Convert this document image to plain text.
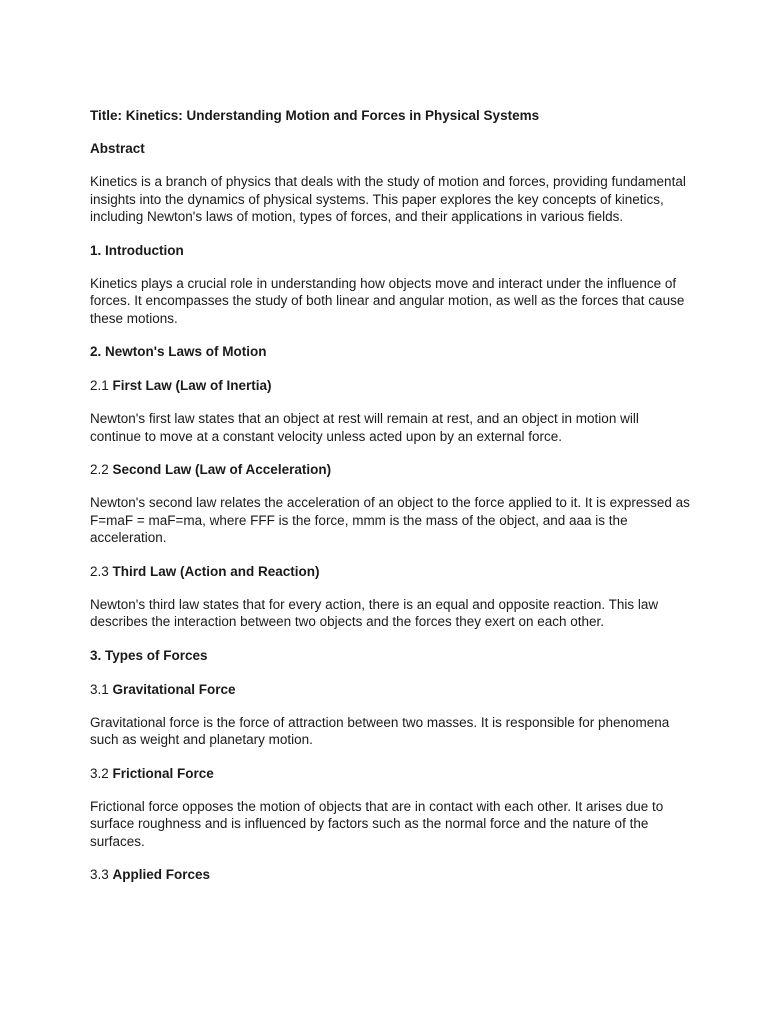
Title: Kinetics: Understanding Motion and Forces in Physical Systems

Abstract

Kinetics is a branch of physics that deals with the study of motion and forces, providing fundamental insights into the dynamics of physical systems. This paper explores the key concepts of kinetics, including Newton's laws of motion, types of forces, and their applications in various fields.

1. Introduction

Kinetics plays a crucial role in understanding how objects move and interact under the influence of forces. It encompasses the study of both linear and angular motion, as well as the forces that cause these motions.

2. Newton's Laws of Motion

2.1 First Law (Law of Inertia)

Newton's first law states that an object at rest will remain at rest, and an object in motion will continue to move at a constant velocity unless acted upon by an external force.

2.2 Second Law (Law of Acceleration)

Newton's second law relates the acceleration of an object to the force applied to it. It is expressed as F=maF = maF=ma, where FFF is the force, mmm is the mass of the object, and aaa is the acceleration.

2.3 Third Law (Action and Reaction)

Newton's third law states that for every action, there is an equal and opposite reaction. This law describes the interaction between two objects and the forces they exert on each other.

3. Types of Forces

3.1 Gravitational Force

Gravitational force is the force of attraction between two masses. It is responsible for phenomena such as weight and planetary motion.

3.2 Frictional Force

Frictional force opposes the motion of objects that are in contact with each other. It arises due to surface roughness and is influenced by factors such as the normal force and the nature of the surfaces.

3.3 Applied Forces
